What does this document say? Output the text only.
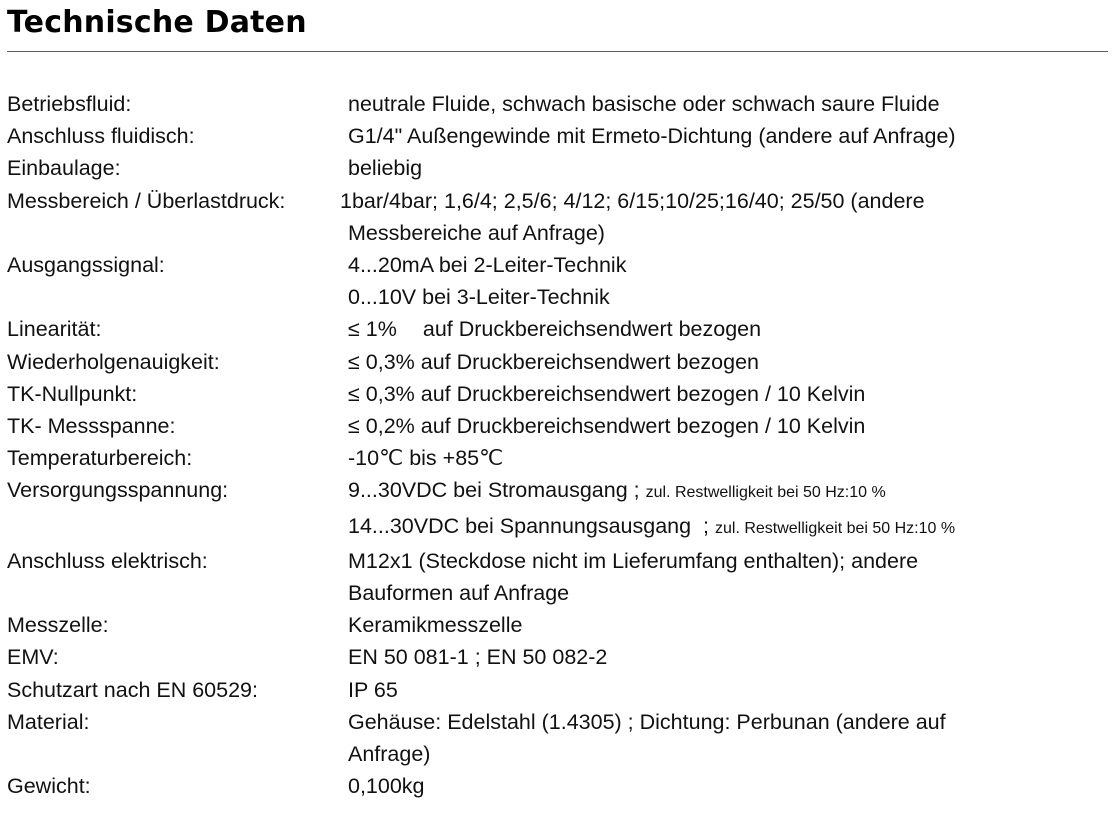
Technische Daten
Betriebsfluid:	neutrale Fluide, schwach basische oder schwach saure Fluide
Anschluss fluidisch:	G1/4" Außengewinde mit Ermeto-Dichtung (andere auf Anfrage)
Einbaulage:	beliebig
Messbereich / Überlastdruck:	1bar/4bar; 1,6/4; 2,5/6; 4/12; 6/15;10/25;16/40; 25/50 (andere
Messbereiche auf Anfrage)
Ausgangssignal:	4...20mA bei 2-Leiter-Technik
0...10V bei 3-Leiter-Technik
Linearität:	≤ 1% auf Druckbereichsendwert bezogen
Wiederholgenauigkeit:	≤ 0,3% auf Druckbereichsendwert bezogen
TK-Nullpunkt:	≤ 0,3% auf Druckbereichsendwert bezogen / 10 Kelvin
TK- Messspanne:	≤ 0,2% auf Druckbereichsendwert bezogen / 10 Kelvin
Temperaturbereich:	-10℃ bis +85℃
Versorgungsspannung:	9...30VDC bei Stromausgang ; zul. Restwelligkeit bei 50 Hz:10 %
14...30VDC bei Spannungsausgang  ; zul. Restwelligkeit bei 50 Hz:10 %
Anschluss elektrisch:	M12x1 (Steckdose nicht im Lieferumfang enthalten); andere
Bauformen auf Anfrage
Messzelle:	Keramikmesszelle
EMV:	EN 50 081-1 ; EN 50 082-2
Schutzart nach EN 60529:	IP 65
Material:	Gehäuse: Edelstahl (1.4305) ; Dichtung: Perbunan (andere auf
Anfrage)
Gewicht:	0,100kg
